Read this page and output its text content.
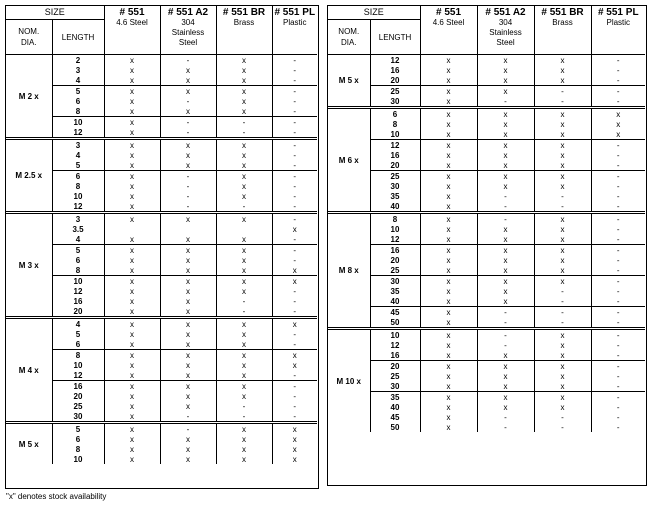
SIZE		# 551
4.6 Steel	# 551 A2
304
Stainless
Steel	# 551 BR
Brass	# 551 PL
Plastic

NOM.
DIA.	LENGTH				
M 2 x	2	x	-	x	-
	3	x	x	x	-
	4	x	x	x	-
	5	x	x	x	-
	6	x	-	x	-
	8	x	x	x	-
	10	x	-	-	-
	12	x	-	-	-
M 2.5 x	3	x	x	x	-
	4	x	x	x	-
	5	x	x	x	-
	6	x	-	x	-
	8	x	-	x	-
	10	x	-	x	-
	12	x	-	-	-
M 3 x	3	x	x	x	-
	3.5				x
	4	x	x	x	-
	5	x	x	x	-
	6	x	x	x	-
	8	x	x	x	x
	10	x	x	x	x
	12	x	x	x	-
	16	x	x	-	-
	20	x	x	-	-
M 4 x	4	x	x	x	x
	5	x	x	x	-
	6	x	x	x	-
	8	x	x	x	x
	10	x	x	x	x
	12	x	x	x	-
	16	x	x	x	-
	20	x	x	x	-
	25	x	x	-	-
	30	x	-	-	-
M 5 x	5	x	-	x	x
	6	x	x	x	x
	8	x	x	x	x
	10	x	x	x	x
SIZE		# 551
4.6 Steel	# 551 A2
304
Stainless
Steel	# 551 BR
Brass	# 551 PL
Plastic

NOM.
DIA.	LENGTH				
M 5 x	12	x	x	x	-
	16	x	x	x	-
	20	x	x	x	-
	25	x	x	-	-
	30	x	-	-	-
M 6 x	6	x	x	x	x
	8	x	x	x	x
	10	x	x	x	x
	12	x	x	x	-
	16	x	x	x	-
	20	x	x	x	-
	25	x	x	x	-
	30	x	x	x	-
	35	x	-	-	-
	40	x	-	-	-
M 8 x	8	x	-	x	-
	10	x	x	x	-
	12	x	x	x	-
	16	x	x	x	-
	20	x	x	x	-
	25	x	x	x	-
	30	x	x	x	-
	35	x	x	-	-
	40	x	x	-	-
	45	x	-	-	-
	50	x	-	-	-
M 10 x	10	x	-	x	-
	12	x	-	x	-
	16	x	x	x	-
	20	x	x	x	-
	25	x	x	x	-
	30	x	x	x	-
	35	x	x	x	-
	40	x	x	x	-
	45	x	-	-	-
	50	x	-	-	-
"x" denotes stock availability
